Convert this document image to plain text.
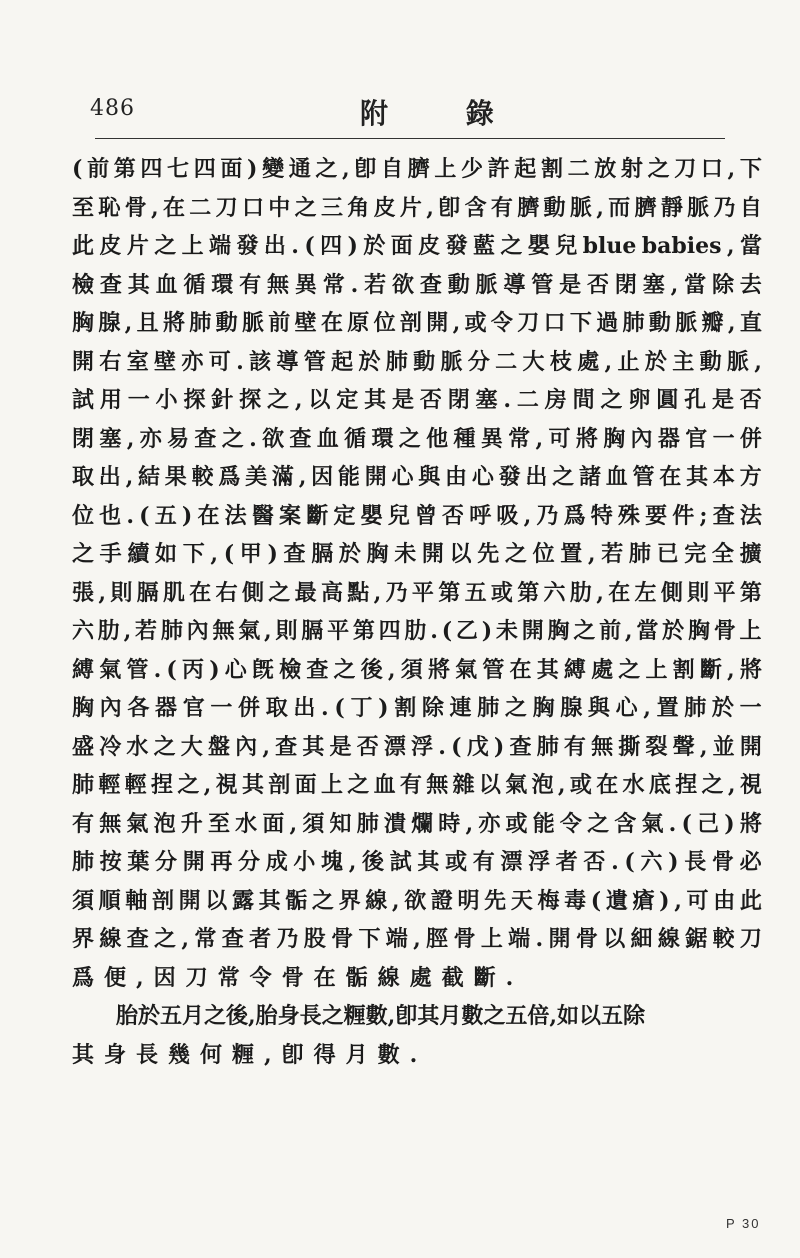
486	附 錄
( 前 第 四 七 四 面 ) 變 通 之 , 卽 自 臍 上 少 許 起 割 二 放 射 之 刀 口 , 下
至 恥 骨 , 在 二 刀 口 中 之 三 角 皮 片 , 卽 含 有 臍 動 脈 , 而 臍 靜 脈 乃 自
此 皮 片 之 上 端 發 出 . ( 四 ) 於 面 皮 發 藍 之 嬰 兒 blue babies , 當
檢 查 其 血 循 環 有 無 異 常 . 若 欲 查 動 脈 導 管 是 否 閉 塞 , 當 除 去
胸 腺 , 且 將 肺 動 脈 前 壁 在 原 位 剖 開 , 或 令 刀 口 下 過 肺 動 脈 瓣 , 直
開 右 室 壁 亦 可 . 該 導 管 起 於 肺 動 脈 分 二 大 枝 處 , 止 於 主 動 脈 ,
試 用 一 小 探 針 探 之 , 以 定 其 是 否 閉 塞 . 二 房 間 之 卵 圓 孔 是 否
閉 塞 , 亦 易 查 之 . 欲 查 血 循 環 之 他 種 異 常 , 可 將 胸 內 器 官 一 併
取 出 , 結 果 較 爲 美 滿 , 因 能 開 心 與 由 心 發 出 之 諸 血 管 在 其 本 方
位 也 . ( 五 ) 在 法 醫 案 斷 定 嬰 兒 曾 否 呼 吸 , 乃 爲 特 殊 要 件 ; 查 法
之 手 續 如 下 , ( 甲 ) 查 膈 於 胸 未 開 以 先 之 位 置 , 若 肺 已 完 全 擴
張 , 則 膈 肌 在 右 側 之 最 高 點 , 乃 平 第 五 或 第 六 肋 , 在 左 側 則 平 第
六 肋 , 若 肺 內 無 氣 , 則 膈 平 第 四 肋 . ( 乙 ) 未 開 胸 之 前 , 當 於 胸 骨 上
縛 氣 管 . ( 丙 ) 心 旣 檢 查 之 後 , 須 將 氣 管 在 其 縛 處 之 上 割 斷 , 將
胸 內 各 器 官 一 併 取 出 . ( 丁 ) 割 除 連 肺 之 胸 腺 與 心 , 置 肺 於 一
盛 冷 水 之 大 盤 內 , 查 其 是 否 漂 浮 . ( 戊 ) 查 肺 有 無 撕 裂 聲 , 並 開
肺 輕 輕 捏 之 , 視 其 剖 面 上 之 血 有 無 雜 以 氣 泡 , 或 在 水 底 捏 之 , 視
有 無 氣 泡 升 至 水 面 , 須 知 肺 潰 爛 時 , 亦 或 能 令 之 含 氣 . ( 己 ) 將
肺 按 葉 分 開 再 分 成 小 塊 , 後 試 其 或 有 漂 浮 者 否 . ( 六 ) 長 骨 必
須 順 軸 剖 開 以 露 其 骺 之 界 線 , 欲 證 明 先 天 梅 毒 ( 遺 瘡 ) , 可 由 此
界 線 查 之 , 常 查 者 乃 股 骨 下 端 , 脛 骨 上 端 . 開 骨 以 細 線 鋸 較 刀
爲便,因刀常令骨在骺線處截斷.
胎於五月之後,胎身長之糎數,卽其月數之五倍,如以五除
其身長幾何糎,卽得月數.
P 30
